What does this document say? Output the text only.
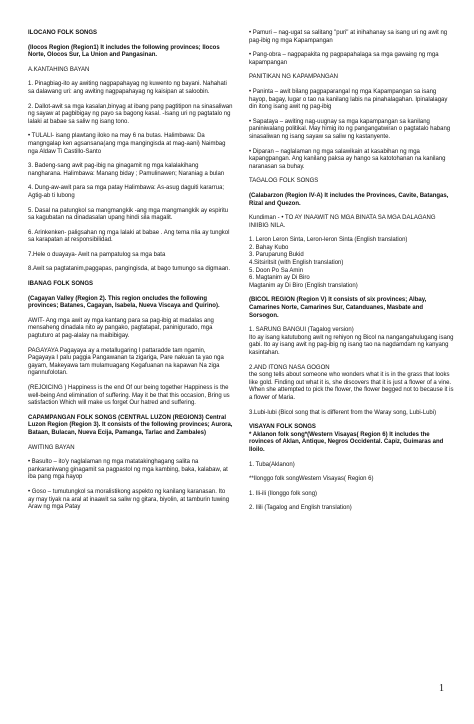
ILOCANO FOLK SONGS
(Ilocos Region (Region1) It includes the following provinces; Ilocos Norte, Olocos Sur, La Union and Pangasinan.
A.KANTAHING BAYAN
1. Pinagbiag-ito ay awiting nagpapahayag ng kuwento ng bayani. Nahahati sa dalawang uri: ang awiting nagpapahayag ng kaisipan at saloobin.
2. Dallot-awit sa mga kasalan,binyag at ibang pang pagtitipon na sinasaliwan ng sayaw at pagbibigay ng payo sa bagong kasal. -Isang uri ng pagtatalo ng lalaki at babae sa saliw ng isang tono.
• TULALI- isang plawtang iloko na may 6 na butas. Halimbawa: Da mangngalap ken agsansana(ang mga mangingisda at mag-aani) Naimbag nga Aldaw Ti Castillo-Santo
3. Badeng-sang awit pag-ibig na ginagamit ng mga kalalakihang nangharana. Halimbawa: Manang biday ; Pamulinawen; Naraniag a bulan
4. Dung-aw-awit para sa mga patay Halimbawa: As-asug daguiti kararrua; Agtig-ab ti lubong
5. Dasal na patungkol sa mangmangkik -ang mga mangmangkik ay espiritu sa kagubatan na dinadasalan upang hindi sila magalit.
6. Arinkenken- paligsahan ng mga lalaki at babae . Ang tema nlia ay tungkol sa karapatan at responsibilidad.
7.Hele o duayaya- Awit na pampatulog sa mga bata
8.Awit sa pagtatanim,paggapas, pangingisda, at bago tumungo sa digmaan.
IBANAG FOLK SONGS
(Cagayan Valley (Region 2). This region oncludes the following provinces; Batanes, Cagayan, Isabela, Nueva Viscaya and Quirino).
AWIT- Ang mga awit ay mga kantang para sa pag-ibig at madalas ang mensaheng dinadala nito ay pangako, pagtatapat, paninigurado, mga pagtuturo at pag-alalay na maibibigay.
PAGAYAYA Pagayaya ay a metallugaring I pattaradde tam ngamin, Pagayaya I palu paggia Pangawanan ta zigariga, Pare nakuan ta yao nga gayam, Makeyawa tam mulamuagang Kegafuanan na kapawan Na ziga ngannufolotan.
(REJOICING ) Happiness is the end Of our being together Happiness is the well-being And elimination of suffering. May it be that this occasion, Bring us satisfaction Which will make us forget Our hatred and suffering.
CAPAMPANGAN FOLK SONGS (CENTRAL LUZON (REGION3) Central Luzon Region (Region 3). It consists of the following provinces; Aurora, Bataan, Bulacan, Nueva Ecija, Pamanga, Tarlac and Zambales)
AWITING BAYAN
• Basulto – ito'y naglalaman ng mga matatakinghagang salita na pankaraniwang ginagamit sa pagpastol ng mga kambing, baka, kalabaw, at iba pang mga hayop
• Goso – tumutungkol sa moralistikong aspekto ng kanilang karanasan. Ito ay may tiyak na aral at inaawit sa saliw ng gitara, biyolin, at tamburin tuwing Araw ng mga Patay
• Pamuri – nag-ugat sa salitang "puri" at inihahanay sa isang uri ng awit ng pag-ibig ng mga Kapampangan
• Pang-obra – nagpapakita ng pagpapahalaga sa mga gawaing ng mga kapampangan
PANITIKAN NG KAPAMPANGAN
• Paninta – awit bilang pagpaparangal ng mga Kapampangan sa isang hayop, bagay, lugar o tao na kanilang labis na pinahalagahan. Ipinalalagay din itong isang awit ng pag-ibig
• Sapataya – awiting nag-uugnay sa mga kapampangan sa kanilang paniniwalang politikal. May himig ito ng pangangatwiran o pagtatalo habang sinasaliwan ng isang sayaw sa saliw ng kastanyente.
• Diparan – naglalaman ng mga salawikain at kasabihan ng mga kapangpangan. Ang kanilang paksa ay hango sa katotohanan na kanilang naranasan sa buhay.
TAGALOG FOLK SONGS
(Calabarzon (Region IV-A) It includes the Provinces, Cavite, Batangas, Rizal and Quezon.
Kundiman - • TO AY INAAWIT NG MGA BINATA SA MGA DALAGANG INIIBIG NILA.
1. Leron Leron Sinta, Leron-leron Sinta (English translation)
2. Bahay Kubo
3. Paruparung Bukid
4.Sitsiritsit (with English translation)
5. Doon Po Sa Amin
6. Magtanim ay Di Biro
Magtanim ay Di Biro (English translation)
(BICOL REGION (Region V) It consists of six provinces; Albay, Camarines Norte, Camarines Sur, Catanduanes, Masbate and Sorsogon.
1. SARUNG BANGUI (Tagalog version)
Ito ay isang katutubong awit ng rehiyon ng Bicol na nangangahulugang isang gabi. Ito ay isang awit ng pag-ibig ng isang tao na nagdamdam ng kanyang kasintahan.
2.AND ITONG NASA GOGON
the song tells about someone who wonders what it is in the grass that looks like gold. Finding out what it is, she discovers that it is just a flower of a vine. When she attempted to pick the flower, the flower begged not to because it is a flower of Maria.
3.Lubi-lubi (Bicol song that is different from the Waray song, Lubi-Lubi)
VISAYAN FOLK SONGS
* Aklanon folk song*(Western Visayas( Region 6) It includes the rovinces of Aklan, Antique, Negros Occidental. Capiz, Guimaras and Iloilo.
1. Tuba(Aklanon)
**Ilonggo folk songWestern Visayas( Region 6)
1. Ili-ili (Ilonggo folk song)
2. Ilili (Tagalog and English translation)
1
